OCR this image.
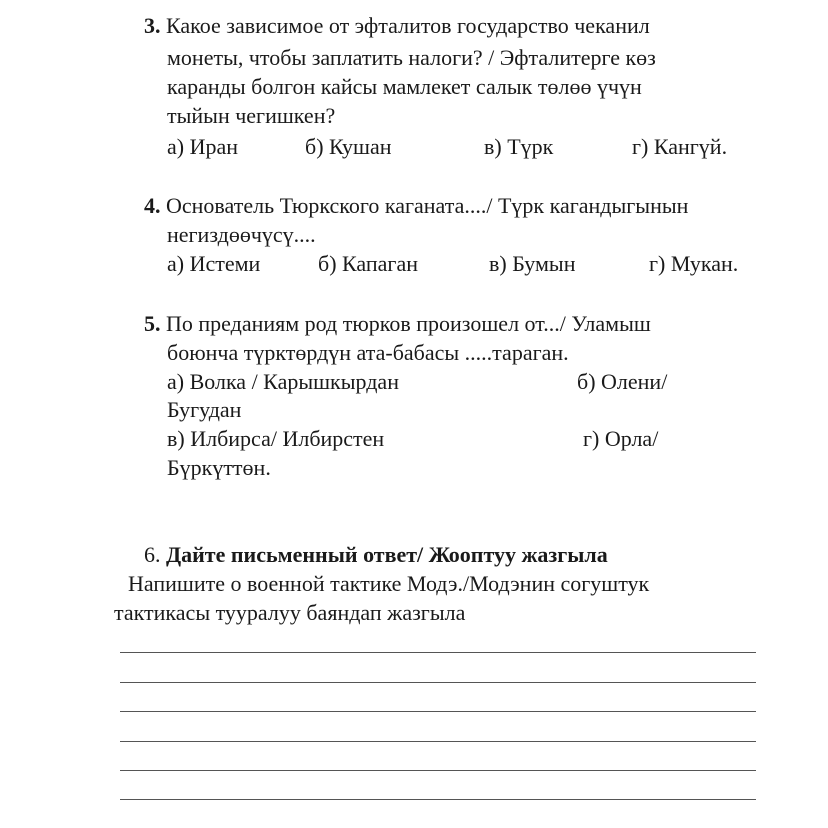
3. Какое зависимое от эфталитов государство чеканил
монеты, чтобы заплатить налоги? / Эфталитерге көз
каранды болгон кайсы мамлекет салык төлөө үчүн
тыйын чегишкен?
а) Иран	б) Кушан	в) Түрк	г) Кангүй.
4. Основатель Тюркского каганата..../ Түрк кагандыгынын
негиздөөчүсү....
а) Истеми	б) Капаган	в) Бумын	г) Мукан.
5. По преданиям род тюрков произошел от.../ Уламыш
боюнча түрктөрдүн ата-бабасы .....тараган.
а) Волка / Карышкырдан	б) Олени/
Бугудан
в) Илбирса/ Илбирстен	г) Орла/
Бүркүттөн.
6. Дайте письменный ответ/ Жооптуу жазгыла
Напишите о военной тактике Модэ./Модэнин согуштук
тактикасы тууралуу баяндап жазгыла
